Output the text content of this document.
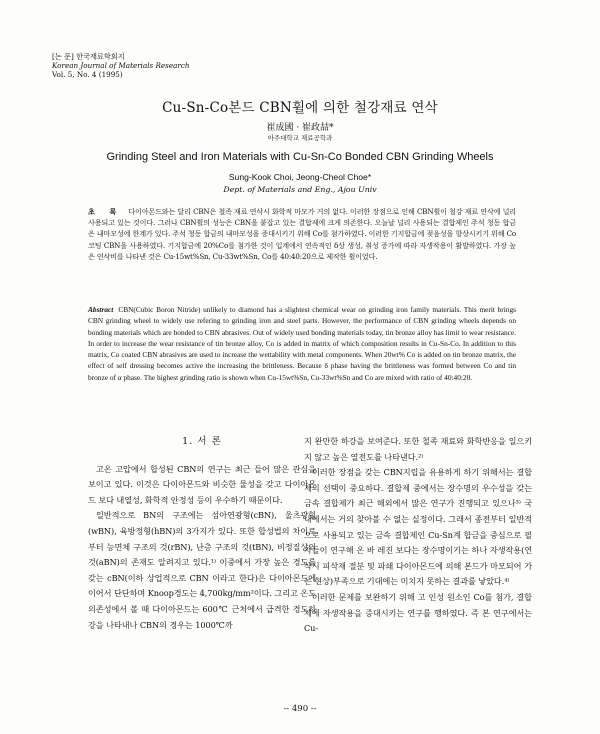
[논 문] 한국재료학회지
Korean Journal of Materials Research
Vol. 5, No. 4 (1995)
Cu-Sn-Co본드 CBN휠에 의한 철강재료 연삭
崔成國 · 崔政喆*
아주대학교 재료공학과
Grinding Steel and Iron Materials with Cu-Sn-Co Bonded CBN Grinding Wheels
Sung-Kook Choi, Jeong-Cheol Choe*
Dept. of Materials and Eng., Ajou Univ
초 록 다이아몬드와는 달리 CBN은 철족 재료 연삭시 화학적 마모가 거의 없다. 이러한 장점으로 인해 CBN휠이 철강 재료 연삭에 널리 사용되고 있는 것이다. 그러나 CBN휠의 성능은 CBN을 붙잡고 있는 결합제에 크게 의존한다. 오늘날 널리 사용되는 결합제인 주석 청동 합금은 내마모성에 한계가 있다. 주석 청동 합금의 내마모성을 증대시키기 위해 Co를 첨가하였다. 이러한 기지합금에 젖음성을 향상시키기 위해 Co코팅 CBN을 사용하였다. 기지합금에 20%Co를 첨가한 것이 입계에서 연속적인 δ상 생성, 취성 증가에 따라 자생작용이 활발하였다. 가장 높은 연삭비를 나타낸 것은 Cu-15wt%Sn, Cu-33wt%Sn, Co를 40:40:20으로 제작한 휠이었다.
Abstract CBN(Cubic Boron Nitride) unlikely to diamond has a slightest chemical wear on grinding iron family materials. This merit brings CBN grinding wheel to widely use refering to grinding iron and steel parts. However, the performance of CBN grinding wheels depends on bonding materials which are bonded to CBN abrasives. Out of widely used bonding materials today, tin bronze alloy has limit to wear resistance. In order to increase the wear resistance of tin bronze alloy, Co is added in matrix of which composition results in Cu-Sn-Co. In addition to this matrix, Co coated CBN abrasives are used to increase the wettability with metal components. When 20wt% Co is added on tin bronze matrix, the effect of self dressing becomes active the increasing the brittleness. Because δ phase having the brittleness was formed between Co and tin bronze of α phase. The highest grinding ratio is shown when Cu-15wt%Sn, Cu-33wt%Sn and Co are mixed with ratio of 40:40:20.
1. 서 론

고온 고압에서 합성된 CBN의 연구는 최근 들어 많은 관심을 보이고 있다. 이것은 다이아몬드와 비슷한 물성을 갖고 다이아몬드 보다 내열성, 화학적 안정성 등이 우수하기 때문이다.

일반적으로 BN의 구조에는 섬아연광형(cBN), 울츠광형(wBN), 육방정형(hBN)의 3가지가 있다. 또한 합성법의 차이로부터 능면체 구조의 것(rBN), 난층 구조의 것(tBN), 비정질상의 것(aBN)의 존재도 알려지고 있다.¹⁾ 이중에서 가장 높은 경도를 갖는 cBN(이하 상업적으로 CBN 이라고 한다)은 다이아몬드에 이어서 단단하며 Knoop경도는 4,700kg/mm²이다. 그리고 온도 의존성에서 볼 때 다이아몬드는 600℃ 근처에서 급격한 경도하강을 나타내나 CBN의 경우는 1000℃까

지 완만한 하강을 보여준다. 또한 철족 재료와 화학반응을 일으키지 않고 높은 열전도를 나타낸다.²⁾

이러한 장점을 갖는 CBN지립을 유용하게 하기 위해서는 결합제의 선택이 중요하다. 결합제 중에서는 장수명의 우수성을 갖는 금속 결합제가 최근 해외에서 많은 연구가 진행되고 있으나³⁾ 국내에서는 거의 찾아볼 수 없는 실정이다. 그래서 종전부터 일반적으로 사용되고 있는 금속 결합제인 Cu-Sn계 합금을 중심으로 필자들이 연구해 온 바 레진 보다는 장수명이기는 하나 자생작용(연삭시 피삭재 절분 및 파쇄 다이아몬드에 의해 본드가 마모되어 가는 현상)부족으로 기대에는 미치지 못하는 결과를 낳았다.⁴⁾

이러한 문제를 보완하기 위해 고 인성 원소인 Co를 첨가, 결합제에 자생작용을 증대시키는 연구를 행하였다. 즉 본 연구에서는 Cu-

-- 490 --
